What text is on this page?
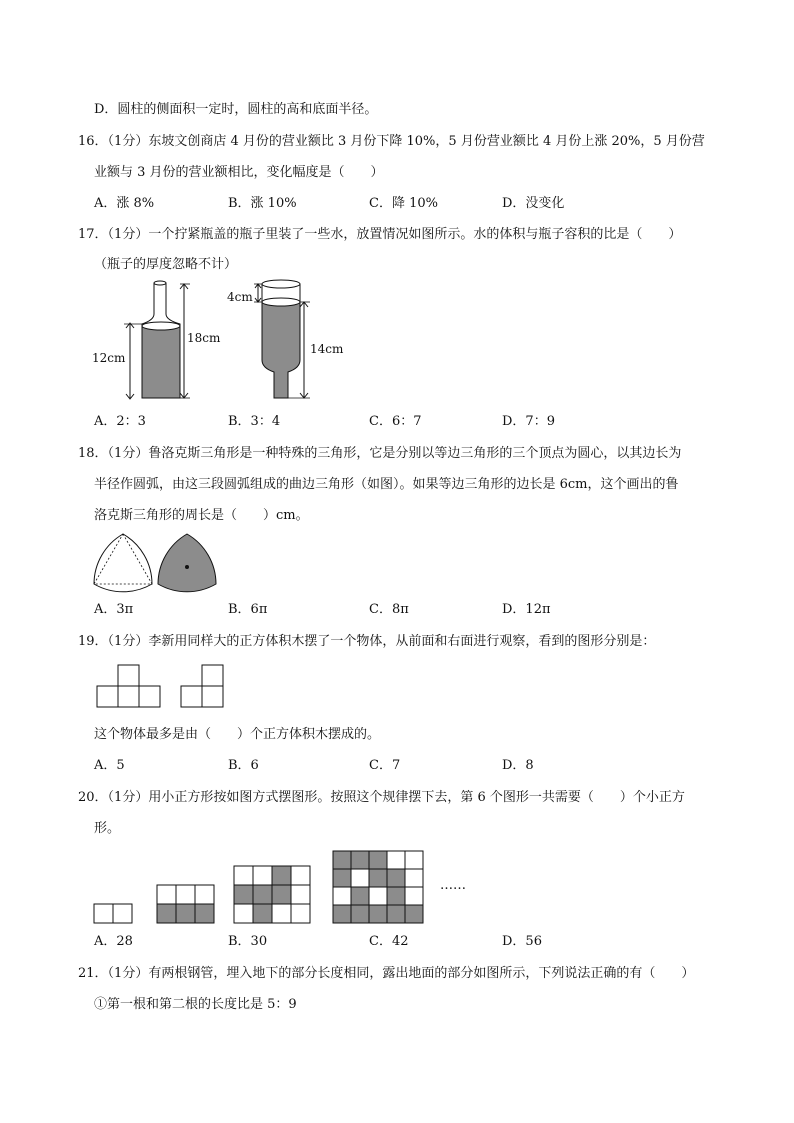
D．圆柱的侧面积一定时，圆柱的高和底面半径。
16．（1分）东坡文创商店 4 月份的营业额比 3 月份下降 10%，5 月份营业额比 4 月份上涨 20%，5 月份营
业额与 3 月份的营业额相比，变化幅度是（　　）
A．涨 8%	B．涨 10%	C．降 10%	D．没变化
17．（1分）一个拧紧瓶盖的瓶子里装了一些水，放置情况如图所示。水的体积与瓶子容积的比是（　　）
（瓶子的厚度忽略不计）
12cm
18cm
4cm
14cm
A．2：3	B．3：4	C．6：7	D．7：9
18．（1分）鲁洛克斯三角形是一种特殊的三角形，它是分别以等边三角形的三个顶点为圆心，以其边长为
半径作圆弧，由这三段圆弧组成的曲边三角形（如图）。如果等边三角形的边长是 6cm，这个画出的鲁
洛克斯三角形的周长是（　　）cm。
A．3π	B．6π	C．8π	D．12π
19．（1分）李新用同样大的正方体积木摆了一个物体，从前面和右面进行观察，看到的图形分别是：
这个物体最多是由（　　）个正方体积木摆成的。
A．5	B．6	C．7	D．8
20．（1分）用小正方形按如图方式摆图形。按照这个规律摆下去，第 6 个图形一共需要（　　）个小正方
形。
……
A．28	B．30	C．42	D．56
21．（1分）有两根钢管，埋入地下的部分长度相同，露出地面的部分如图所示，下列说法正确的有（　　）
①第一根和第二根的长度比是 5：9
